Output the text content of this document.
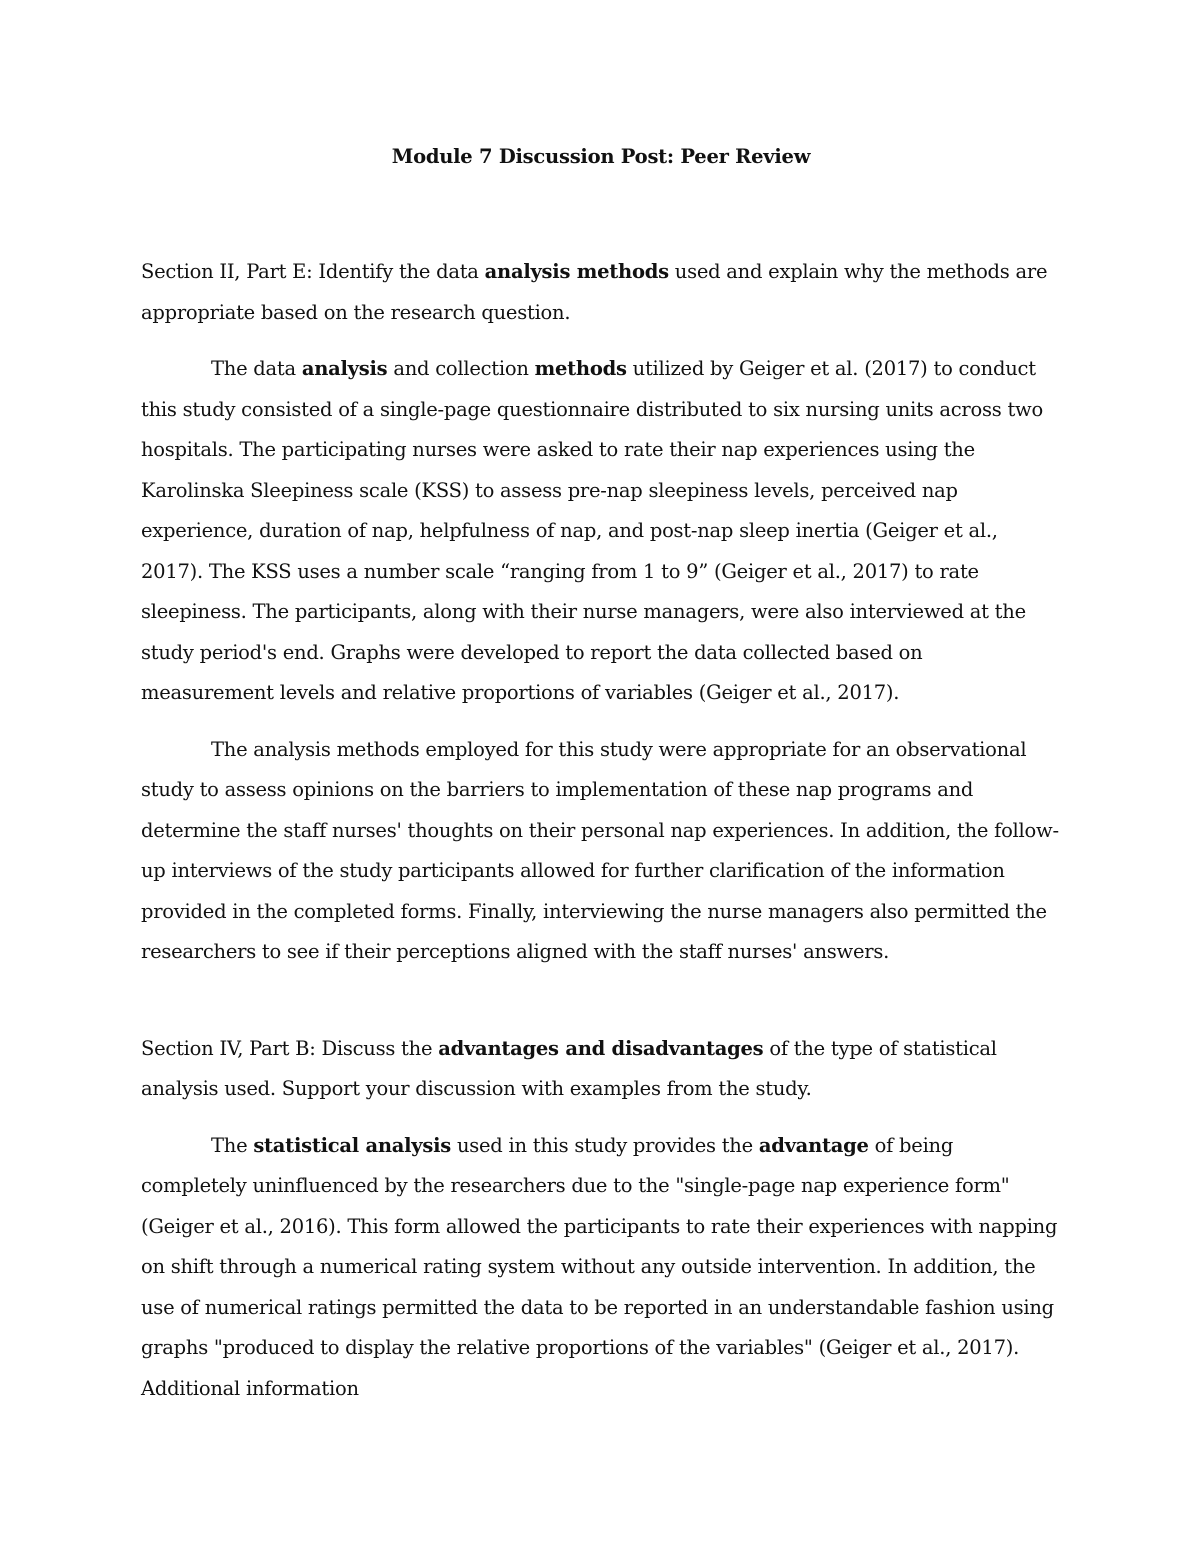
Module 7 Discussion Post: Peer Review
Section II, Part E: Identify the data analysis methods used and explain why the methods are appropriate based on the research question.
The data analysis and collection methods utilized by Geiger et al. (2017) to conduct this study consisted of a single-page questionnaire distributed to six nursing units across two hospitals. The participating nurses were asked to rate their nap experiences using the Karolinska Sleepiness scale (KSS) to assess pre-nap sleepiness levels, perceived nap experience, duration of nap, helpfulness of nap, and post-nap sleep inertia (Geiger et al., 2017). The KSS uses a number scale “ranging from 1 to 9” (Geiger et al., 2017) to rate sleepiness. The participants, along with their nurse managers, were also interviewed at the study period's end. Graphs were developed to report the data collected based on measurement levels and relative proportions of variables (Geiger et al., 2017).
The analysis methods employed for this study were appropriate for an observational study to assess opinions on the barriers to implementation of these nap programs and determine the staff nurses' thoughts on their personal nap experiences. In addition, the follow-up interviews of the study participants allowed for further clarification of the information provided in the completed forms. Finally, interviewing the nurse managers also permitted the researchers to see if their perceptions aligned with the staff nurses' answers.
Section IV, Part B: Discuss the advantages and disadvantages of the type of statistical analysis used. Support your discussion with examples from the study.
The statistical analysis used in this study provides the advantage of being completely uninfluenced by the researchers due to the "single-page nap experience form" (Geiger et al., 2016). This form allowed the participants to rate their experiences with napping on shift through a numerical rating system without any outside intervention. In addition, the use of numerical ratings permitted the data to be reported in an understandable fashion using graphs "produced to display the relative proportions of the variables" (Geiger et al., 2017). Additional information
